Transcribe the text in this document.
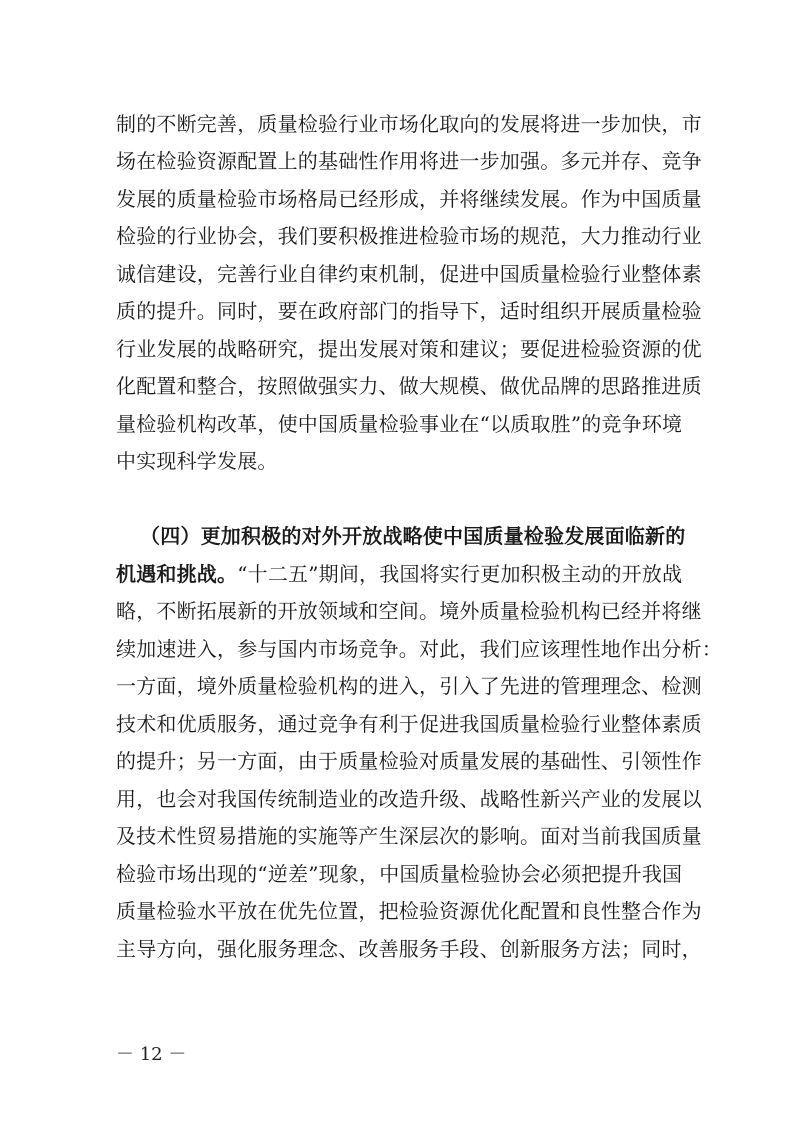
制的不断完善，质量检验行业市场化取向的发展将进一步加快，市
场在检验资源配置上的基础性作用将进一步加强。多元并存、竞争
发展的质量检验市场格局已经形成，并将继续发展。作为中国质量
检验的行业协会，我们要积极推进检验市场的规范，大力推动行业
诚信建设，完善行业自律约束机制，促进中国质量检验行业整体素
质的提升。同时，要在政府部门的指导下，适时组织开展质量检验
行业发展的战略研究，提出发展对策和建议；要促进检验资源的优
化配置和整合，按照做强实力、做大规模、做优品牌的思路推进质
量检验机构改革，使中国质量检验事业在“以质取胜”的竞争环境
中实现科学发展。
（四）更加积极的对外开放战略使中国质量检验发展面临新的
机遇和挑战。“十二五”期间，我国将实行更加积极主动的开放战
略，不断拓展新的开放领域和空间。境外质量检验机构已经并将继
续加速进入，参与国内市场竞争。对此，我们应该理性地作出分析：
一方面，境外质量检验机构的进入，引入了先进的管理理念、检测
技术和优质服务，通过竞争有利于促进我国质量检验行业整体素质
的提升；另一方面，由于质量检验对质量发展的基础性、引领性作
用，也会对我国传统制造业的改造升级、战略性新兴产业的发展以
及技术性贸易措施的实施等产生深层次的影响。面对当前我国质量
检验市场出现的“逆差”现象，中国质量检验协会必须把提升我国
质量检验水平放在优先位置，把检验资源优化配置和良性整合作为
主导方向，强化服务理念、改善服务手段、创新服务方法；同时，
－ 12 －
